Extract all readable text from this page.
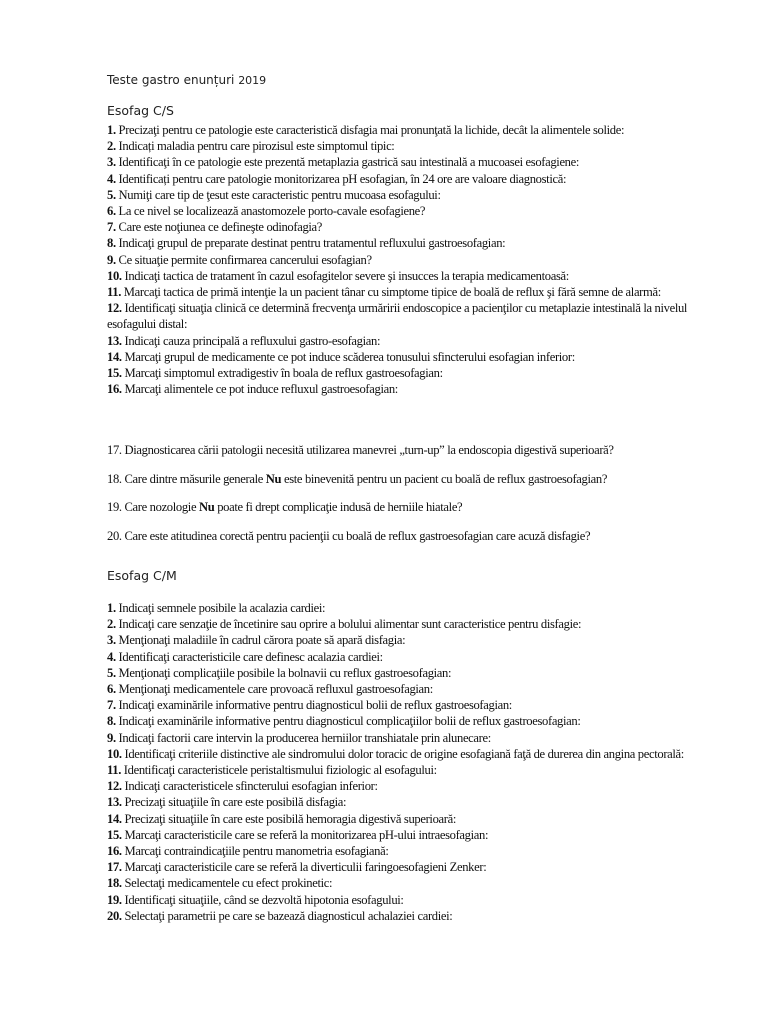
Teste gastro enunțuri 2019
Esofag C/S
1. Precizaţi pentru ce patologie este caracteristică disfagia mai pronunţată la lichide, decât la alimentele solide:
2. Indicați maladia pentru care pirozisul este simptomul tipic:
3. Identificaţi în ce patologie este prezentă metaplazia gastrică sau intestinală a mucoasei esofagiene:
4. Identificați pentru care patologie monitorizarea pH esofagian, în 24 ore are valoare diagnostică:
5. Numiţi care tip de ţesut este caracteristic pentru mucoasa esofagului:
6. La ce nivel se localizează anastomozele porto-cavale esofagiene?
7. Care este noţiunea ce defineşte odinofagia?
8. Indicaţi grupul de preparate destinat pentru tratamentul refluxului gastroesofagian:
9. Ce situaţie permite confirmarea cancerului esofagian?
10. Indicaţi tactica de tratament în cazul esofagitelor severe şi insucces la terapia medicamentoasă:
11. Marcaţi tactica de primă intenţie la un pacient tânar cu simptome tipice de boală de reflux şi fără semne de alarmă:
12. Identificaţi situaţia clinică ce determină frecvenţa urmăririi endoscopice a pacienţilor cu metaplazie intestinală la nivelul esofagului distal:
13. Indicaţi cauza principală a refluxului gastro-esofagian:
14. Marcaţi grupul de medicamente ce pot induce scăderea tonusului sfincterului esofagian inferior:
15. Marcaţi simptomul extradigestiv în boala de reflux gastroesofagian:
16. Marcaţi alimentele ce pot induce refluxul gastroesofagian:
17. Diagnosticarea cării patologii necesită utilizarea manevrei „turn-up” la endoscopia digestivă superioară?
18. Care dintre măsurile generale Nu este binevenită pentru un pacient cu boală de reflux gastroesofagian?
19. Care nozologie Nu poate fi drept complicaţie indusă de herniile hiatale?
20. Care este atitudinea corectă pentru pacienţii cu boală de reflux gastroesofagian care acuză disfagie?
Esofag C/M
1. Indicaţi semnele posibile la acalazia cardiei:
2. Indicaţi care senzaţie de încetinire sau oprire a bolului alimentar sunt caracteristice pentru disfagie:
3. Menţionaţi maladiile în cadrul cărora poate să apară disfagia:
4. Identificaţi caracteristicile care definesc acalazia cardiei:
5. Menţionaţi complicaţiile posibile la bolnavii cu reflux gastroesofagian:
6. Menţionaţi medicamentele care provoacă refluxul gastroesofagian:
7. Indicaţi examinările informative pentru diagnosticul bolii de reflux gastroesofagian:
8. Indicaţi examinările informative pentru diagnosticul complicaţiilor bolii de reflux gastroesofagian:
9. Indicaţi factorii care intervin la producerea herniilor transhiatale prin alunecare:
10. Identificaţi criteriile distinctive ale sindromului dolor toracic de origine esofagiană faţă de durerea din angina pectorală:
11. Identificaţi caracteristicele peristaltismului fiziologic al esofagului:
12. Indicaţi caracteristicele sfincterului esofagian inferior:
13. Precizaţi situaţiile în care este posibilă disfagia:
14. Precizaţi situaţiile în care este posibilă hemoragia digestivă superioară:
15. Marcaţi caracteristicile care se referă la monitorizarea pH-ului intraesofagian:
16. Marcaţi contraindicaţiile pentru manometria esofagiană:
17. Marcaţi caracteristicile care se referă la diverticulii faringoesofagieni Zenker:
18. Selectaţi medicamentele cu efect prokinetic:
19. Identificaţi situaţiile, când se dezvoltă hipotonia esofagului:
20. Selectaţi parametrii pe care se bazează diagnosticul achalaziei cardiei:
